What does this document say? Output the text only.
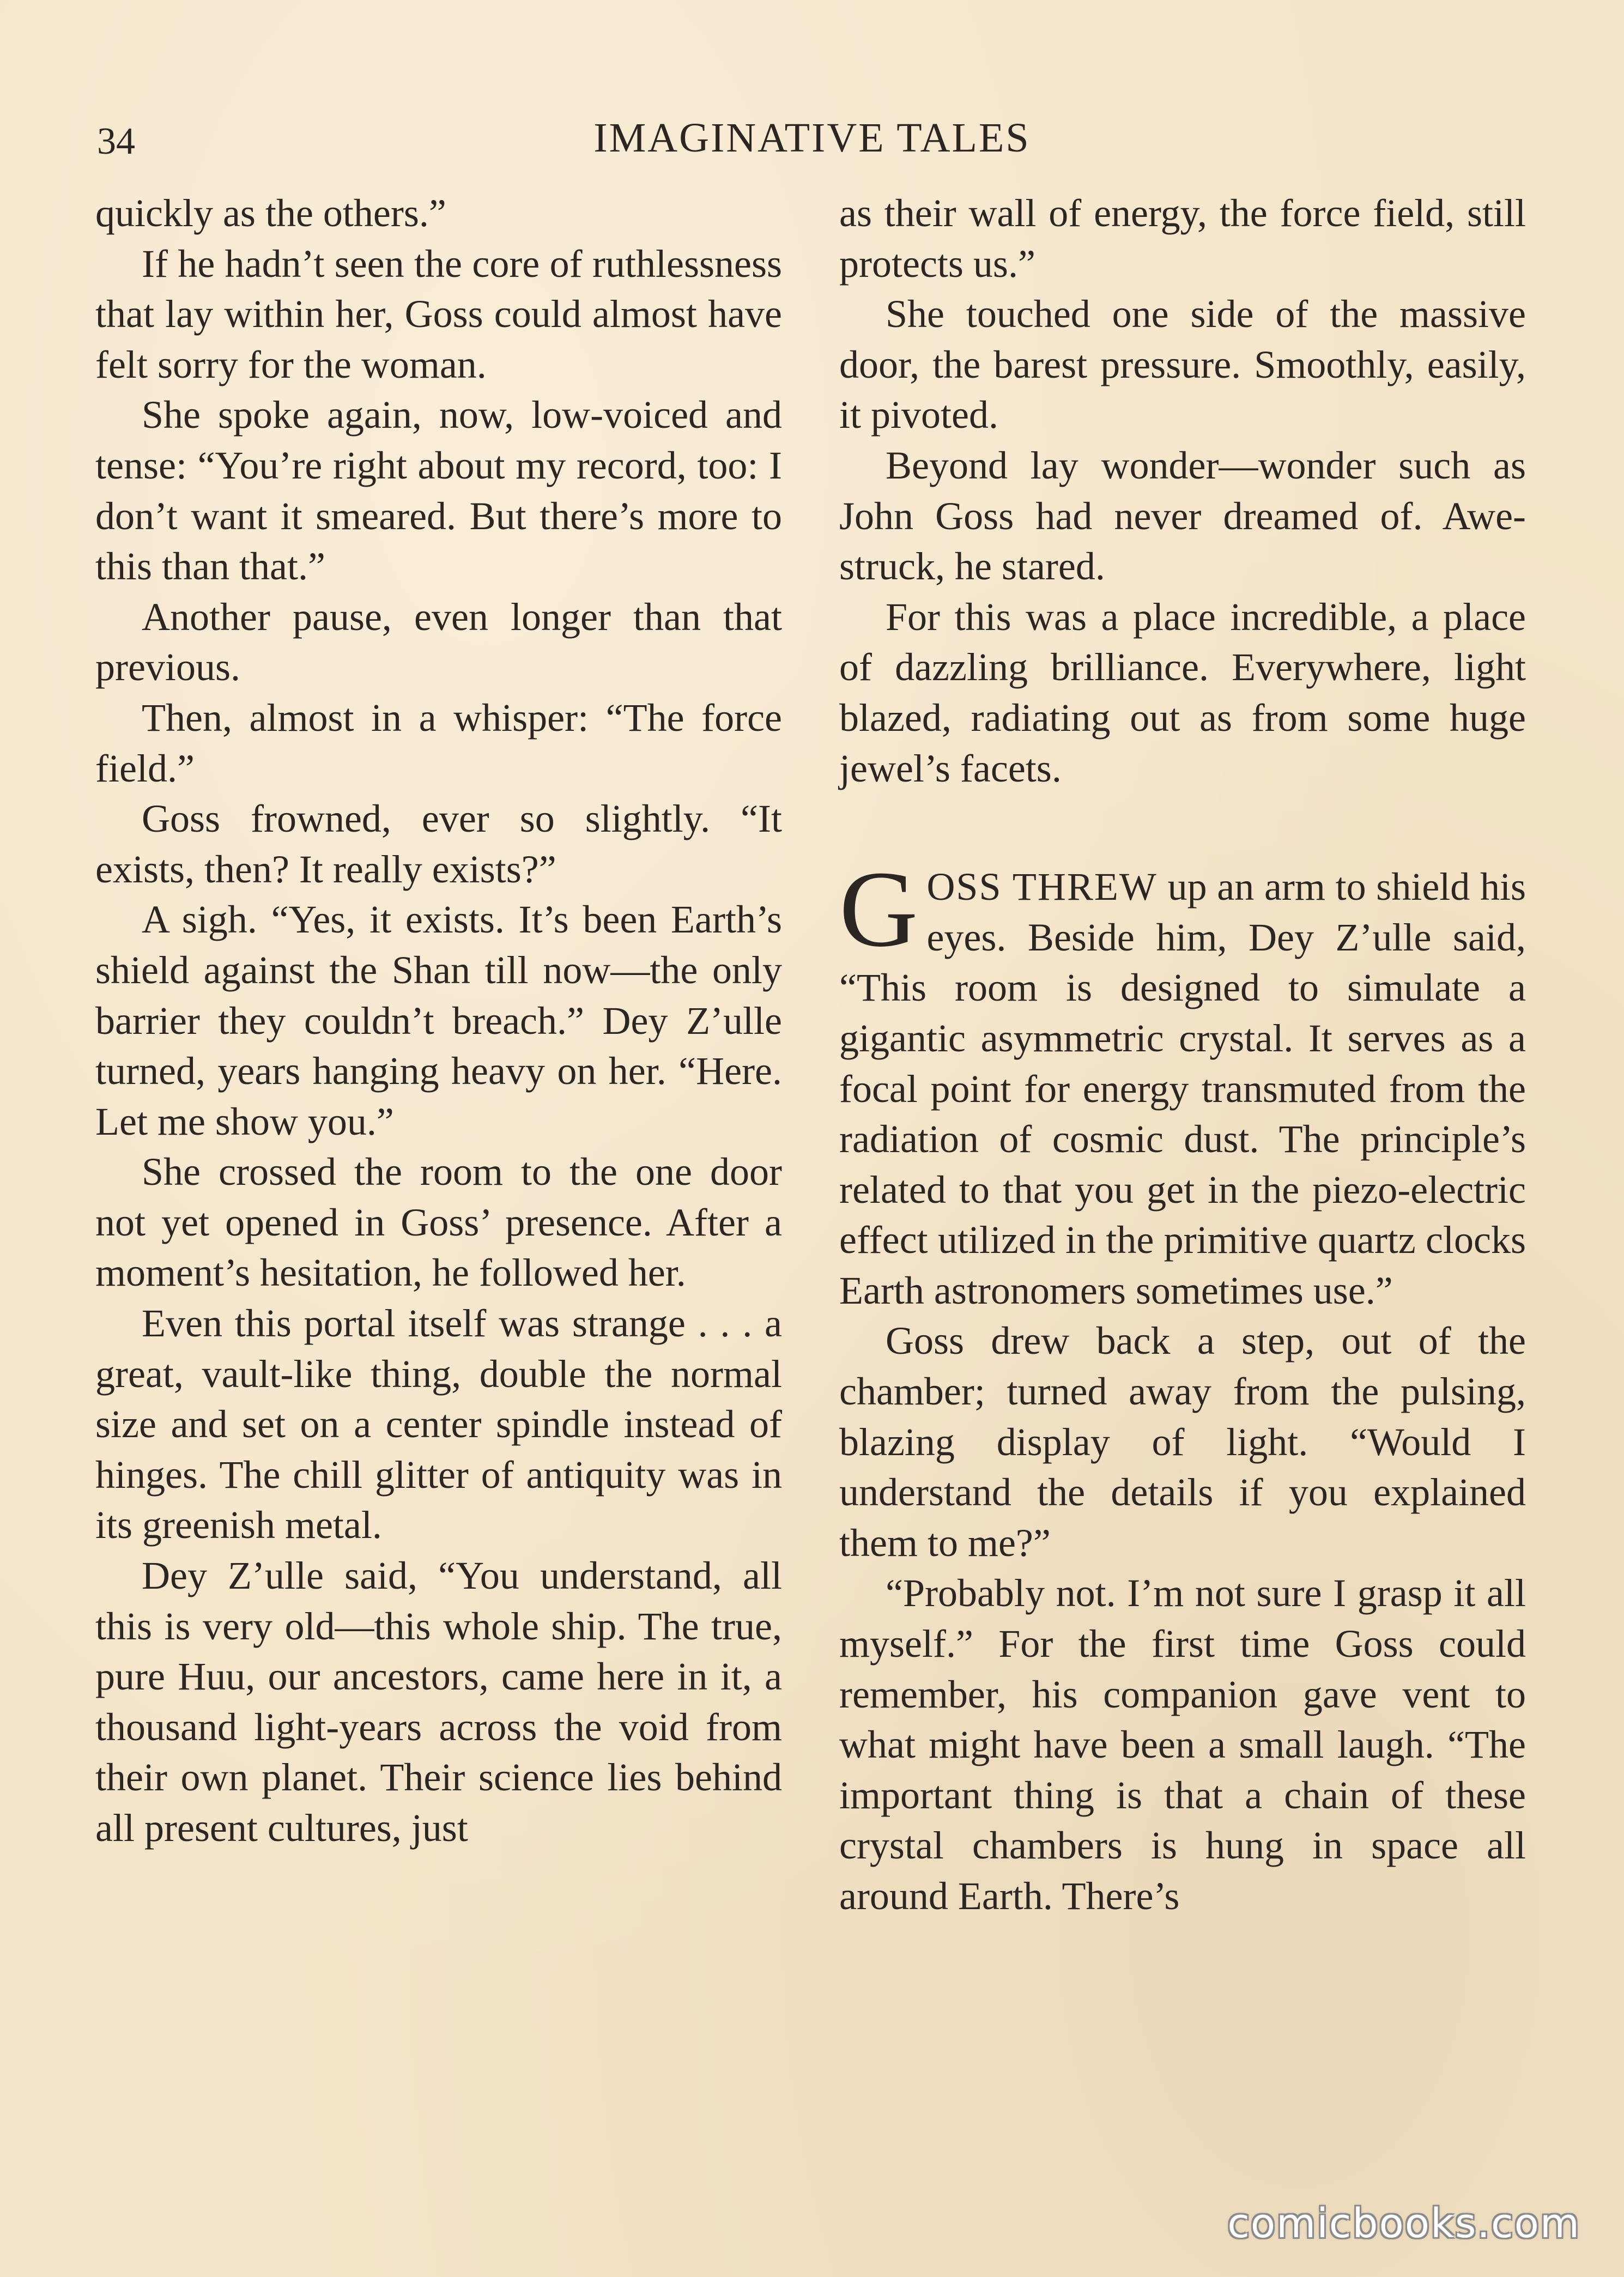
34	IMAGINATIVE TALES

quickly as the others.”

If he hadn’t seen the core of ruthlessness that lay within her, Goss could almost have felt sorry for the woman.

She spoke again, now, low-voiced and tense: “You’re right about my record, too: I don’t want it smeared. But there’s more to this than that.”

Another pause, even longer than that previous.

Then, almost in a whisper: “The force field.”

Goss frowned, ever so slightly. “It exists, then? It really exists?”

A sigh. “Yes, it exists. It’s been Earth’s shield against the Shan till now—the only barrier they couldn’t breach.” Dey Z’ulle turned, years hanging heavy on her. “Here. Let me show you.”

She crossed the room to the one door not yet opened in Goss’ presence. After a moment’s hesitation, he followed her.

Even this portal itself was strange . . . a great, vault-like thing, double the normal size and set on a center spindle instead of hinges. The chill glitter of antiquity was in its greenish metal.

Dey Z’ulle said, “You understand, all this is very old—this whole ship. The true, pure Huu, our ancestors, came here in it, a thousand light-years across the void from their own planet. Their science lies behind all present cultures, just

as their wall of energy, the force field, still protects us.”

She touched one side of the massive door, the barest pressure. Smoothly, easily, it pivoted.

Beyond lay wonder—wonder such as John Goss had never dreamed of. Awe-struck, he stared.

For this was a place incredible, a place of dazzling brilliance. Everywhere, light blazed, radiating out as from some huge jewel’s facets.

GOSS THREW up an arm to shield his eyes. Beside him, Dey Z’ulle said, “This room is designed to simulate a gigantic asymmetric crystal. It serves as a focal point for energy transmuted from the radiation of cosmic dust. The principle’s related to that you get in the piezo-electric effect utilized in the primitive quartz clocks Earth astronomers sometimes use.”

Goss drew back a step, out of the chamber; turned away from the pulsing, blazing display of light. “Would I understand the details if you explained them to me?”

“Probably not. I’m not sure I grasp it all myself.” For the first time Goss could remember, his companion gave vent to what might have been a small laugh. “The important thing is that a chain of these crystal chambers is hung in space all around Earth. There’s

comicbooks.com
